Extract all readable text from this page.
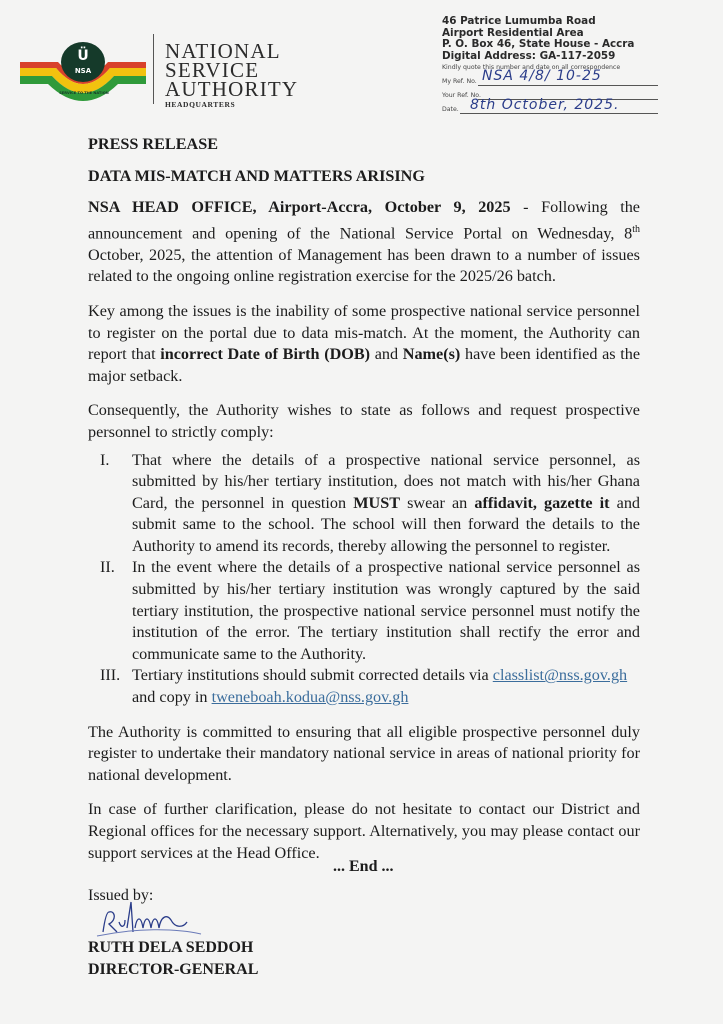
Ü
NSA
SERVICE TO THE NATION
NATIONAL
SERVICE
AUTHORITY
HEADQUARTERS
46 Patrice Lumumba Road
Airport Residential Area
P. O. Box 46, State House - Accra
Digital Address: GA-117-2059
Kindly quote this number and date on all correspondence
My Ref. No. NSA 4/8/ 10-25
Your Ref. No.
Date. 8th October, 2025.
PRESS RELEASE
DATA MIS-MATCH AND MATTERS ARISING

NSA HEAD OFFICE, Airport-Accra, October 9, 2025 - Following the announcement and opening of the National Service Portal on Wednesday, 8th October, 2025, the attention of Management has been drawn to a number of issues related to the ongoing online registration exercise for the 2025/26 batch.

Key among the issues is the inability of some prospective national service personnel to register on the portal due to data mis-match. At the moment, the Authority can report that incorrect Date of Birth (DOB) and Name(s) have been identified as the major setback.

Consequently, the Authority wishes to state as follows and request prospective personnel to strictly comply:

I. That where the details of a prospective national service personnel, as submitted by his/her tertiary institution, does not match with his/her Ghana Card, the personnel in question MUST swear an affidavit, gazette it and submit same to the school. The school will then forward the details to the Authority to amend its records, thereby allowing the personnel to register.
II. In the event where the details of a prospective national service personnel as submitted by his/her tertiary institution was wrongly captured by the said tertiary institution, the prospective national service personnel must notify the institution of the error. The tertiary institution shall rectify the error and communicate same to the Authority.
III. Tertiary institutions should submit corrected details via classlist@nss.gov.gh
and copy in tweneboah.kodua@nss.gov.gh

The Authority is committed to ensuring that all eligible prospective personnel duly register to undertake their mandatory national service in areas of national priority for national development.

In case of further clarification, please do not hesitate to contact our District and Regional offices for the necessary support. Alternatively, you may please contact our support services at the Head Office.

... End ...
Issued by:
RUTH DELA SEDDOH
DIRECTOR-GENERAL
